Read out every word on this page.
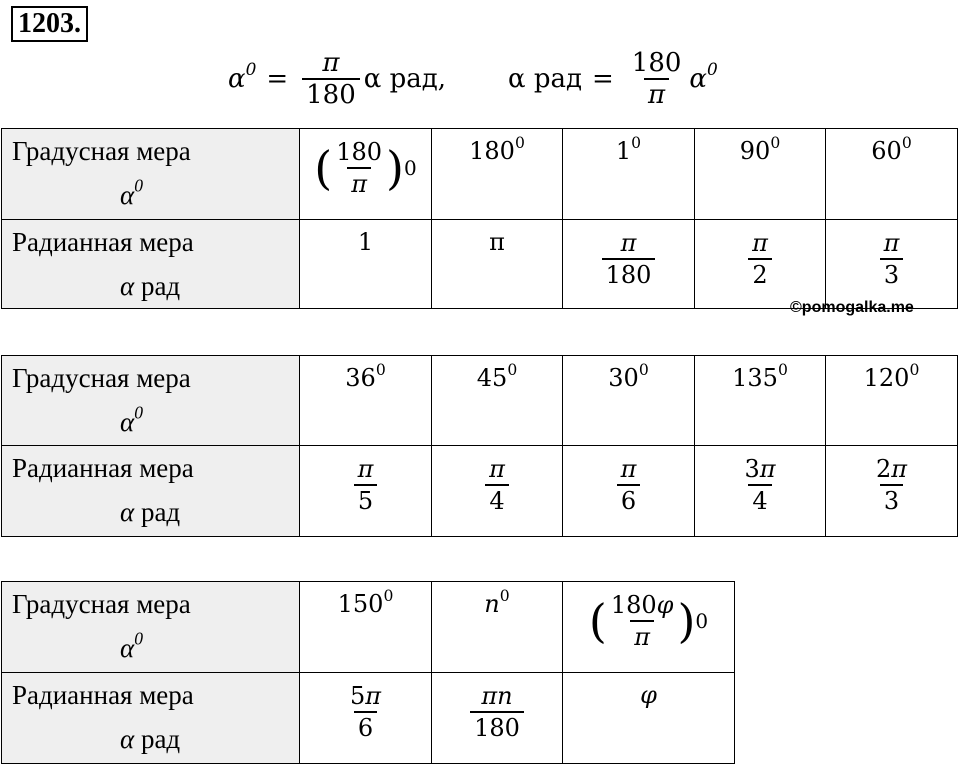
1203.
$\alpha^0 = \frac{\pi}{180}$ α рад, α рад = $\frac{180}{\pi} \alpha^0$
Градусная мера
$\alpha^0$	( $\frac{180}{\pi}$ ) 0	$180^0$	$1^0$	$90^0$	$60^0$
Радианная мера
α рад	1	π	$\frac{\pi}{180}$	$\frac{\pi}{2}$	$\frac{\pi}{3}$
©pomogalka.me
Градусная мера
$\alpha^0$	$36^0$	$45^0$	$30^0$	$135^0$	$120^0$
Радианная мера
α рад	$\frac{\pi}{5}$	$\frac{\pi}{4}$	$\frac{\pi}{6}$	$\frac{3\pi}{4}$	$\frac{2\pi}{3}$
Градусная мера
$\alpha^0$	$150^0$	$n^0$	( $\frac{180\varphi}{\pi}$ ) 0

Радианная мера
α рад	$\frac{5\pi}{6}$	$\frac{\pi n}{180}$	φ
